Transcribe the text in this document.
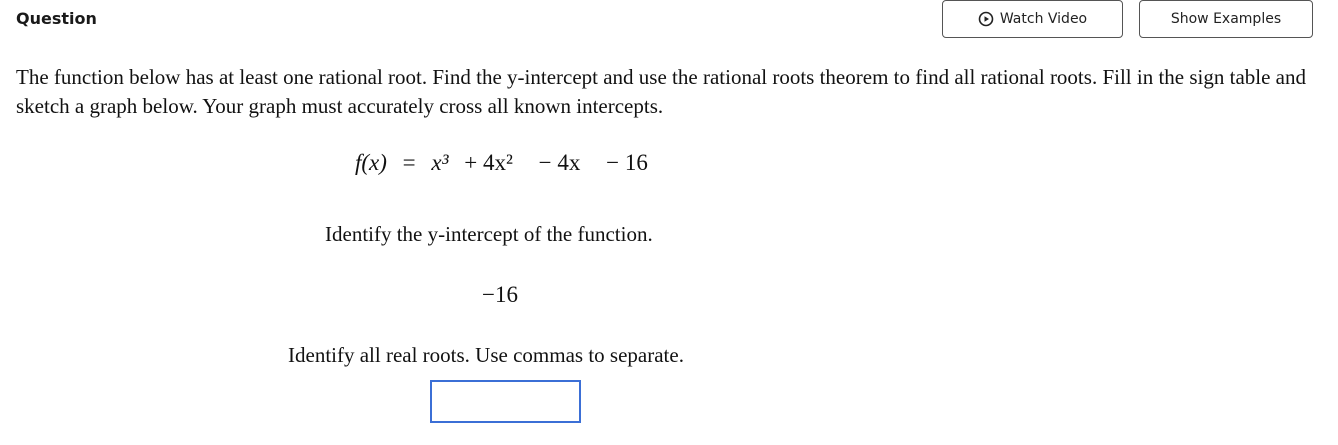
Question	Watch Video	Show Examples
The function below has at least one rational root. Find the y-intercept and use the rational roots theorem to find all rational roots. Fill in the sign table and sketch a graph below. Your graph must accurately cross all known intercepts.
f(x) = x³ + 4x² − 4x − 16
Identify the y-intercept of the function.
−16
Identify all real roots. Use commas to separate.
